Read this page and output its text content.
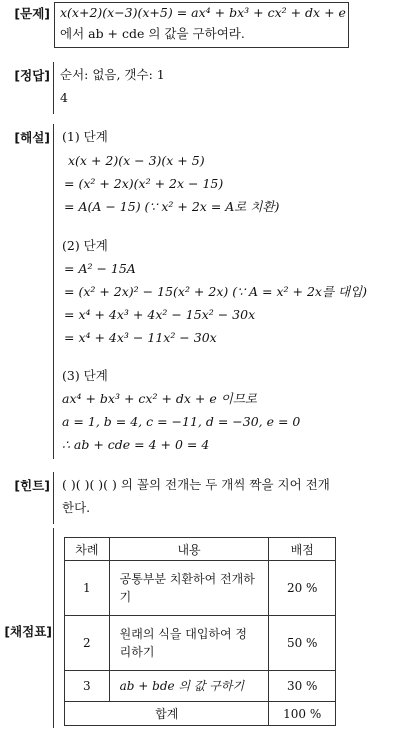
[문제] x(x+2)(x−3)(x+5) = ax⁴ + bx³ + cx² + dx + e
에서 ab + cde 의 값을 구하여라.
[정답] 순서: 없음, 갯수: 1
4
[해설] (1) 단계
x(x + 2)(x − 3)(x + 5)
= (x² + 2x)(x² + 2x − 15)
= A(A − 15) (∵ x² + 2x = A로 치환)
(2) 단계
= A² − 15A
= (x² + 2x)² − 15(x² + 2x) (∵ A = x² + 2x를 대입)
= x⁴ + 4x³ + 4x² − 15x² − 30x
= x⁴ + 4x³ − 11x² − 30x
(3) 단계
ax⁴ + bx³ + cx² + dx + e 이므로
a = 1, b = 4, c = −11, d = −30, e = 0
∴ ab + cde = 4 + 0 = 4
[힌트] ( )( )( )( ) 의 꼴의 전개는 두 개씩 짝을 지어 전개
한다.
[채점표]
차례	내용	배점
1	공통부분 치환하여 전개하기	20 %
2	원래의 식을 대입하여 정리하기	50 %
3	ab + bde 의 값 구하기	30 %
합계		100 %
